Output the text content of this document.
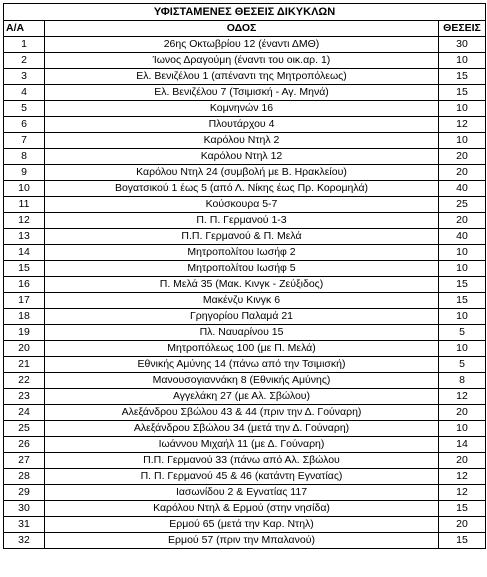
ΥΦΙΣΤΑΜΕΝΕΣ ΘΕΣΕΙΣ ΔΙΚΥΚΛΩΝ		
Α/Α	ΟΔΟΣ	ΘΕΣΕΙΣ
1	26ης Οκτωβρίου 12 (έναντι ΔΜΘ)	30
2	Ίωνος Δραγούμη (έναντι του οικ.αρ. 1)	10
3	Ελ. Βενιζέλου 1 (απέναντι της Μητροπόλεως)	15
4	Ελ. Βενιζέλου 7 (Τσιμισκή - Αγ. Μηνά)	15
5	Κομνηνών 16	10
6	Πλουτάρχου 4	12
7	Καρόλου Ντηλ 2	10
8	Καρόλου Ντηλ 12	20
9	Καρόλου Ντηλ 24 (συμβολή με Β. Ηρακλείου)	20
10	Βογατσικού 1 έως 5 (από Λ. Νίκης έως Πρ. Κορομηλά)	40
11	Κούσκουρα 5-7	25
12	Π. Π. Γερμανού 1-3	20
13	Π.Π. Γερμανού & Π. Μελά	40
14	Μητροπολίτου Ιωσήφ 2	10
15	Μητροπολίτου Ιωσήφ 5	10
16	Π. Μελά 35 (Μακ. Κινγκ - Ζεύξιδος)	15
17	Μακένζυ Κινγκ 6	15
18	Γρηγορίου Παλαμά 21	10
19	Πλ. Ναυαρίνου 15	5
20	Μητροπόλεως 100 (με Π. Μελά)	10
21	Εθνικής Αμύνης 14 (πάνω από την Τσιμισκή)	5
22	Μανουσογιαννάκη 8 (Εθνικής Αμύνης)	8
23	Αγγελάκη 27 (με Αλ. Σβώλου)	12
24	Αλεξάνδρου Σβώλου 43 & 44 (πριν την Δ. Γούναρη)	20
25	Αλεξάνδρου Σβώλου 34 (μετά την Δ. Γούναρη)	10
26	Ιωάννου Μιχαήλ 11 (με Δ. Γούναρη)	14
27	Π.Π. Γερμανού 33 (πάνω από Αλ. Σβώλου	20
28	Π. Π. Γερμανού 45 & 46 (κατάντη Εγνατίας)	12
29	Ιασωνίδου 2 & Εγνατίας 117	12
30	Καρόλου Ντηλ & Ερμού (στην νησίδα)	15
31	Ερμού 65 (μετά την Καρ. Ντηλ)	20
32	Ερμού 57 (πριν την Μπαλανού)	15
